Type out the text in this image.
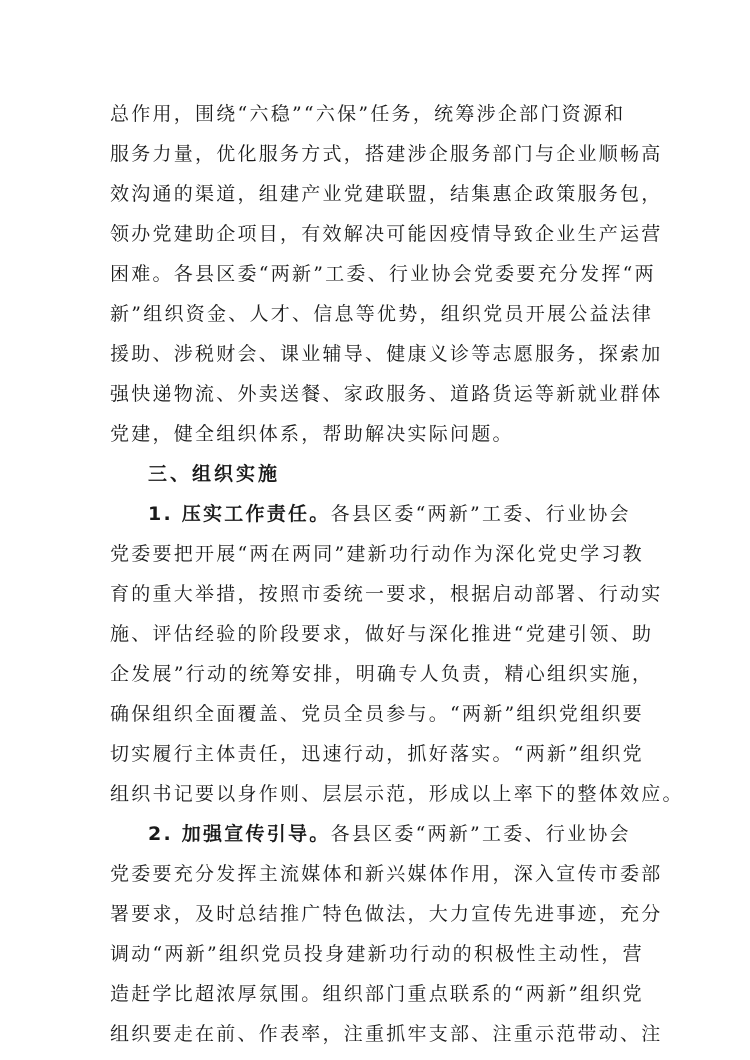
总作用，围绕“六稳”“六保”任务，统筹涉企部门资源和
服务力量，优化服务方式，搭建涉企服务部门与企业顺畅高
效沟通的渠道，组建产业党建联盟，结集惠企政策服务包，
领办党建助企项目，有效解决可能因疫情导致企业生产运营
困难。各县区委“两新”工委、行业协会党委要充分发挥“两
新”组织资金、人才、信息等优势，组织党员开展公益法律
援助、涉税财会、课业辅导、健康义诊等志愿服务，探索加
强快递物流、外卖送餐、家政服务、道路货运等新就业群体
党建，健全组织体系，帮助解决实际问题。
三、组织实施
1. 压实工作责任。各县区委“两新”工委、行业协会
党委要把开展“两在两同”建新功行动作为深化党史学习教
育的重大举措，按照市委统一要求，根据启动部署、行动实
施、评估经验的阶段要求，做好与深化推进“党建引领、助
企发展”行动的统筹安排，明确专人负责，精心组织实施，
确保组织全面覆盖、党员全员参与。“两新”组织党组织要
切实履行主体责任，迅速行动，抓好落实。“两新”组织党
组织书记要以身作则、层层示范，形成以上率下的整体效应。
2. 加强宣传引导。各县区委“两新”工委、行业协会
党委要充分发挥主流媒体和新兴媒体作用，深入宣传市委部
署要求，及时总结推广特色做法，大力宣传先进事迹，充分
调动“两新”组织党员投身建新功行动的积极性主动性，营
造赶学比超浓厚氛围。组织部门重点联系的“两新”组织党
组织要走在前、作表率，注重抓牢支部、注重示范带动、注
